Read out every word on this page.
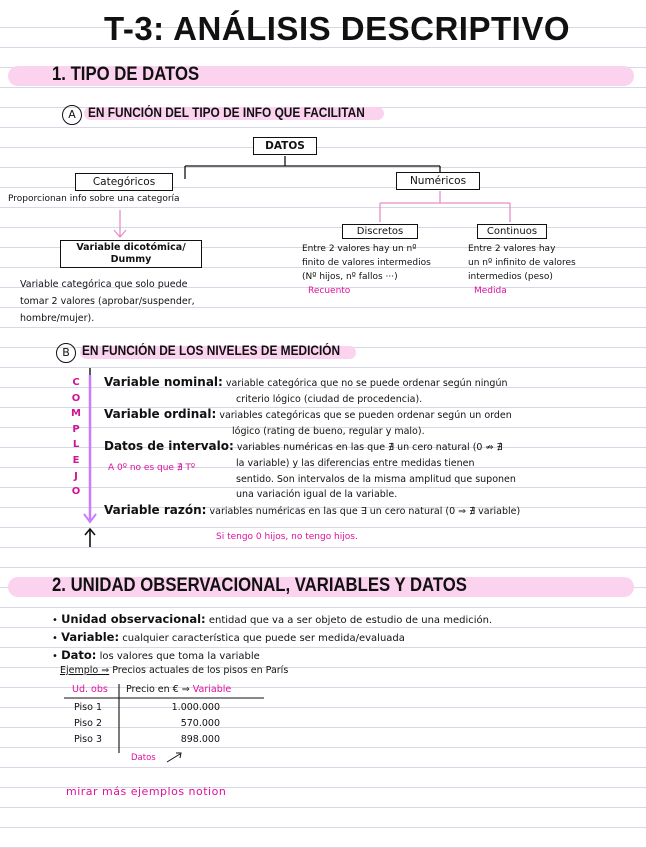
T-3: ANÁLISIS DESCRIPTIVO
1. TIPO DE DATOS
A EN FUNCIÓN DEL TIPO DE INFO QUE FACILITAN
DATOS
Categóricos
Proporcionan info sobre una categoría
Numéricos
Discretos	Continuos
Entre 2 valores hay un nº
finito de valores intermedios
(Nº hijos, nº fallos ···)
Recuento
Entre 2 valores hay
un nº infinito de valores
intermedios (peso)
Medida
Variable dicotómica/
Dummy
Variable categórica que solo puede
tomar 2 valores (aprobar/suspender,
hombre/mujer).
B EN FUNCIÓN DE LOS NIVELES DE MEDICIÓN
C
O
M
P
L
E
J
O
Variable nominal: variable categórica que no se puede ordenar según ningún
criterio lógico (ciudad de procedencia).
Variable ordinal: variables categóricas que se pueden ordenar según un orden
lógico (rating de bueno, regular y malo).
Datos de intervalo: variables numéricas en las que ∄ un cero natural (0 ⇏ ∄
la variable) y las diferencias entre medidas tienen
sentido. Son intervalos de la misma amplitud que suponen
una variación igual de la variable.
Variable razón: variables numéricas en las que ∃ un cero natural (0 ⇒ ∄ variable)
A 0º no es que ∄ Tº
Si tengo 0 hijos, no tengo hijos.
2. UNIDAD OBSERVACIONAL, VARIABLES Y DATOS
• Unidad observacional: entidad que va a ser objeto de estudio de una medición.
• Variable: cualquier característica que puede ser medida/evaluada
• Dato: los valores que toma la variable
Ejemplo ⇒ Precios actuales de los pisos en París
Ud. obs Precio en € ⇒ Variable
Piso 1
Piso 2
Piso 3
1.000.000
570.000
898.000
Datos
mirar más ejemplos notion
